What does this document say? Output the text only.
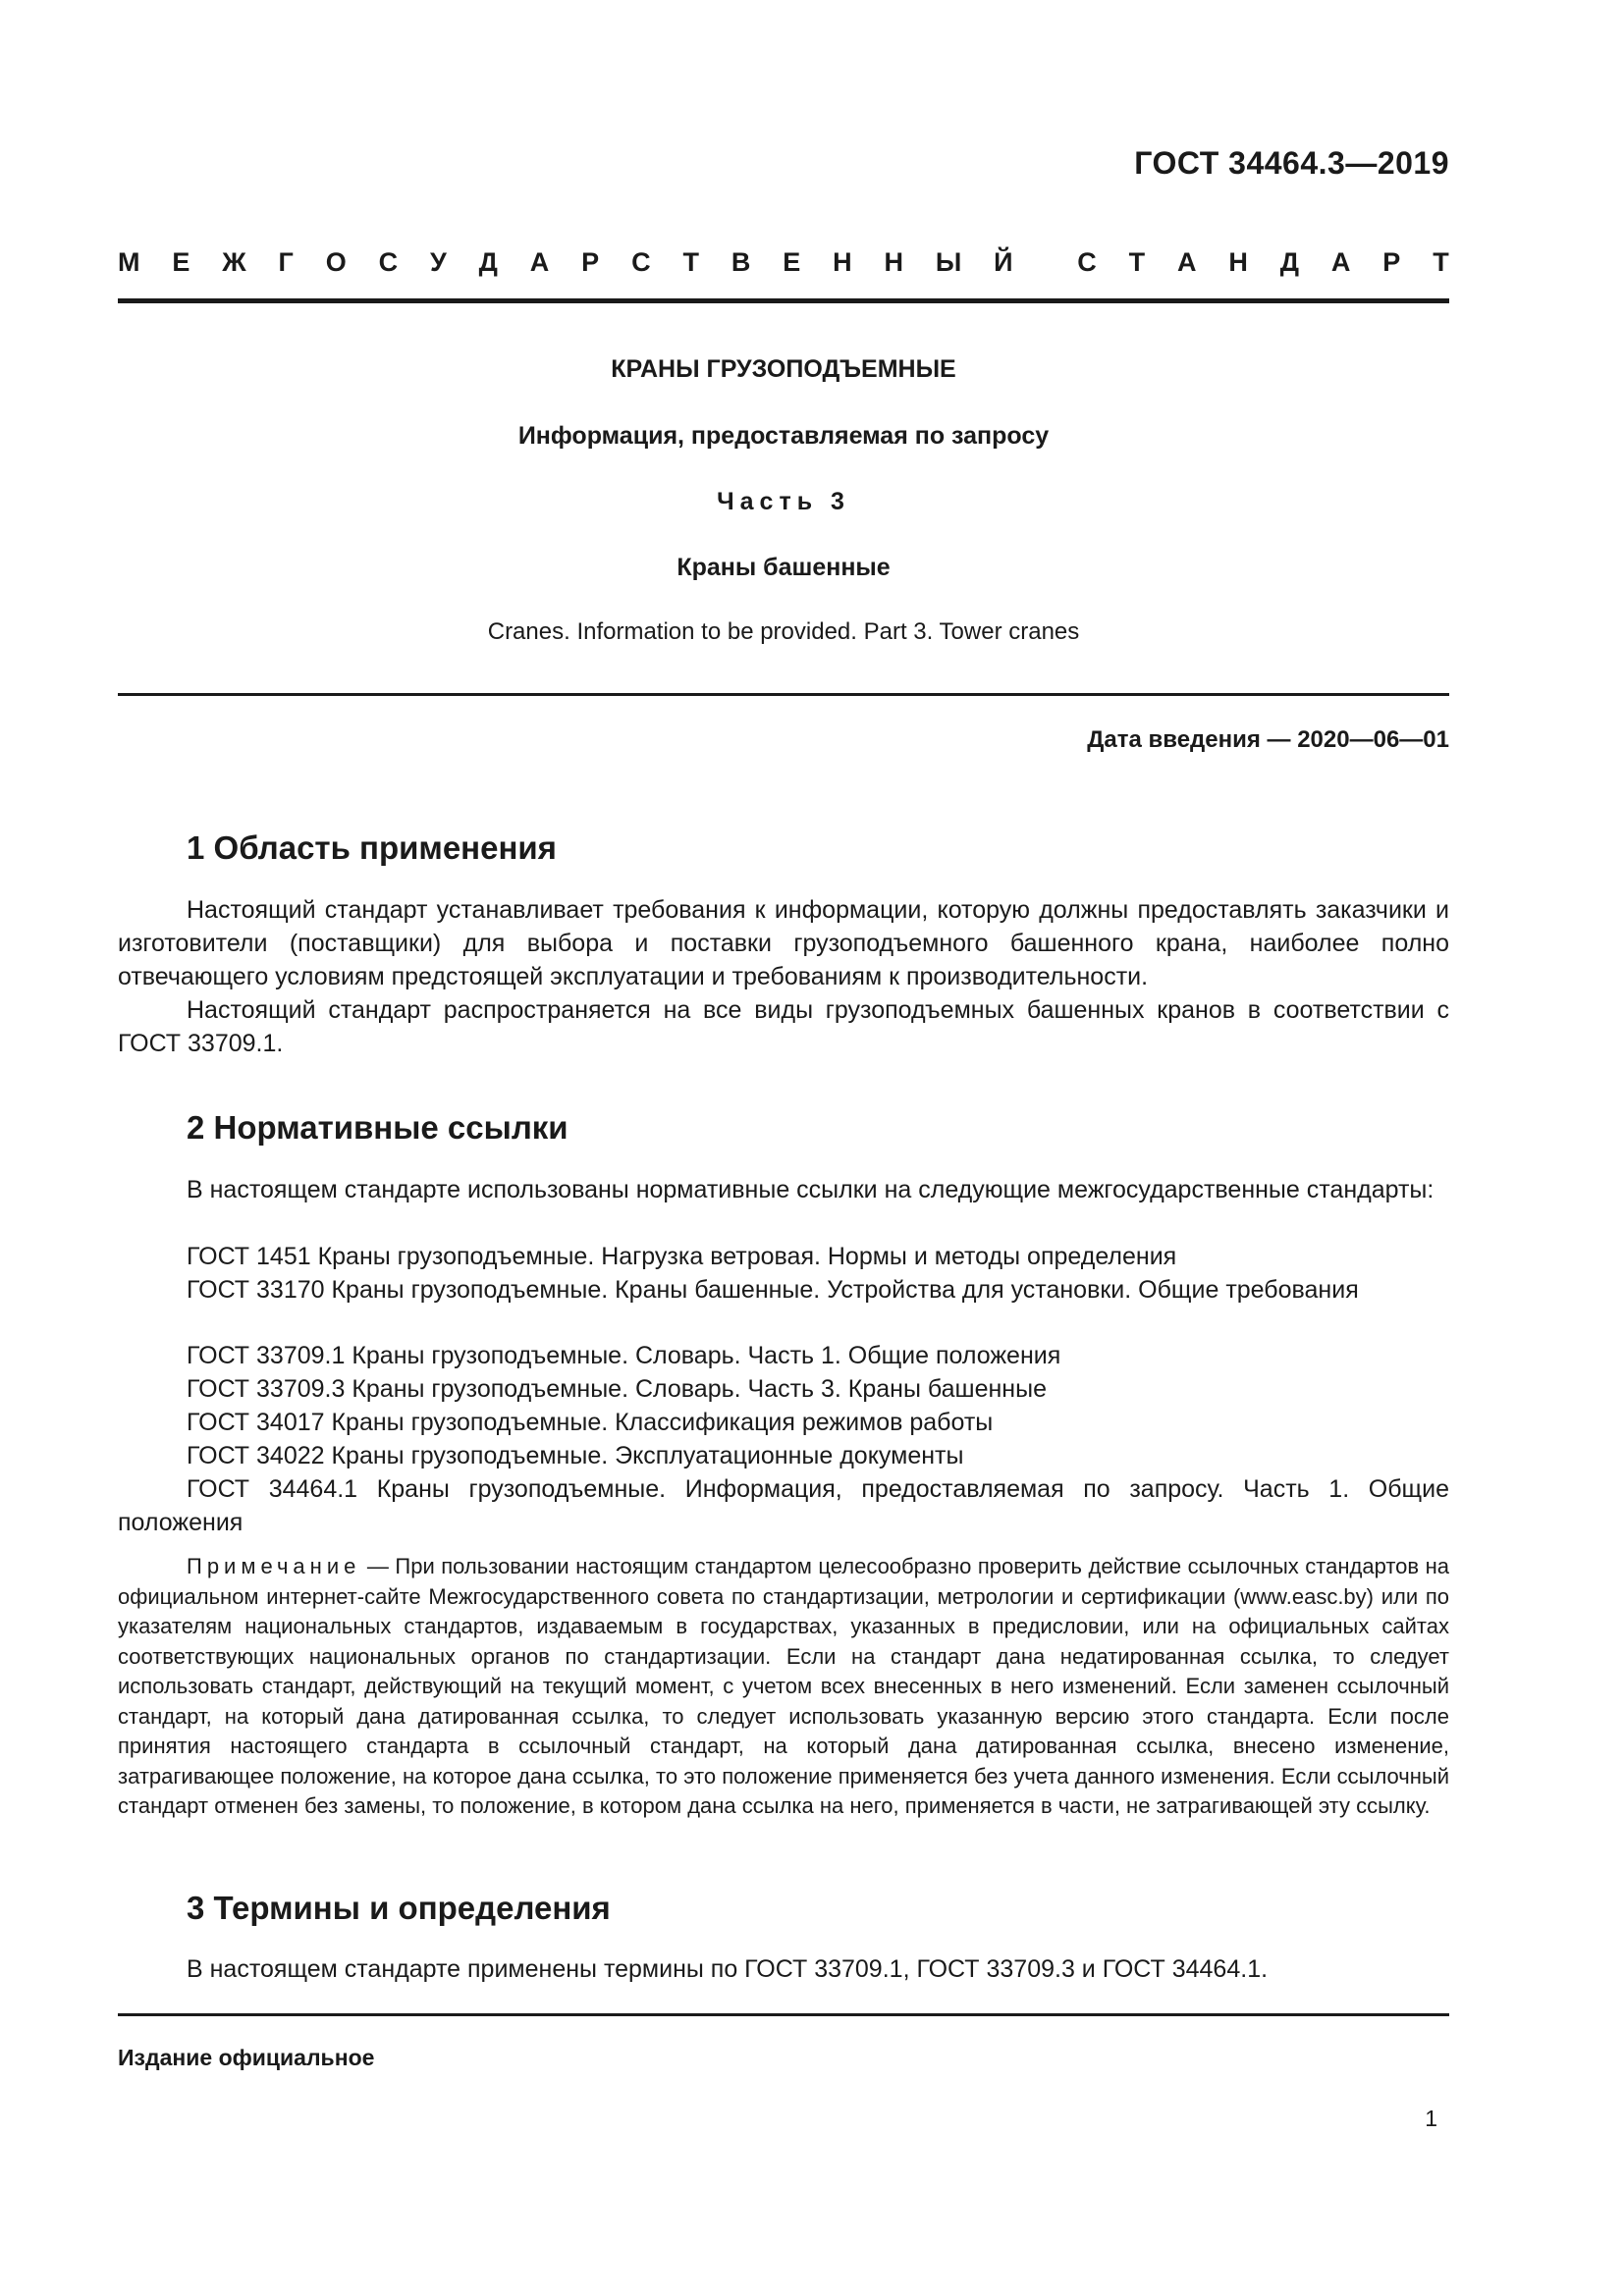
ГОСТ 34464.3—2019
М Е Ж Г О С У Д А Р С Т В Е Н Н Ы Й С Т А Н Д А Р Т
КРАНЫ ГРУЗОПОДЪЕМНЫЕ
Информация, предоставляемая по запросу
Часть 3
Краны башенные
Cranes. Information to be provided. Part 3. Tower cranes
Дата введения — 2020—06—01
1 Область применения

Настоящий стандарт устанавливает требования к информации, которую должны предоставлять заказчики и изготовители (поставщики) для выбора и поставки грузоподъемного башенного крана, наиболее полно отвечающего условиям предстоящей эксплуатации и требованиям к производительности.

Настоящий стандарт распространяется на все виды грузоподъемных башенных кранов в соответствии с ГОСТ 33709.1.

2 Нормативные ссылки

В настоящем стандарте использованы нормативные ссылки на следующие межгосударственные стандарты:

ГОСТ 1451 Краны грузоподъемные. Нагрузка ветровая. Нормы и методы определения
ГОСТ 33170 Краны грузоподъемные. Краны башенные. Устройства для установки. Общие требования
ГОСТ 33709.1 Краны грузоподъемные. Словарь. Часть 1. Общие положения
ГОСТ 33709.3 Краны грузоподъемные. Словарь. Часть 3. Краны башенные
ГОСТ 34017 Краны грузоподъемные. Классификация режимов работы
ГОСТ 34022 Краны грузоподъемные. Эксплуатационные документы
ГОСТ 34464.1 Краны грузоподъемные. Информация, предоставляемая по запросу. Часть 1. Общие положения

Примечание — При пользовании настоящим стандартом целесообразно проверить действие ссылочных стандартов на официальном интернет-сайте Межгосударственного совета по стандартизации, метрологии и сертификации (www.easc.by) или по указателям национальных стандартов, издаваемым в государствах, указанных в предисловии, или на официальных сайтах соответствующих национальных органов по стандартизации. Если на стандарт дана недатированная ссылка, то следует использовать стандарт, действующий на текущий момент, с учетом всех внесенных в него изменений. Если заменен ссылочный стандарт, на который дана датированная ссылка, то следует использовать указанную версию этого стандарта. Если после принятия настоящего стандарта в ссылочный стандарт, на который дана датированная ссылка, внесено изменение, затрагивающее положение, на которое дана ссылка, то это положение применяется без учета данного изменения. Если ссылочный стандарт отменен без замены, то положение, в котором дана ссылка на него, применяется в части, не затрагивающей эту ссылку.

3 Термины и определения

В настоящем стандарте применены термины по ГОСТ 33709.1, ГОСТ 33709.3 и ГОСТ 34464.1.

Издание официальное
1
